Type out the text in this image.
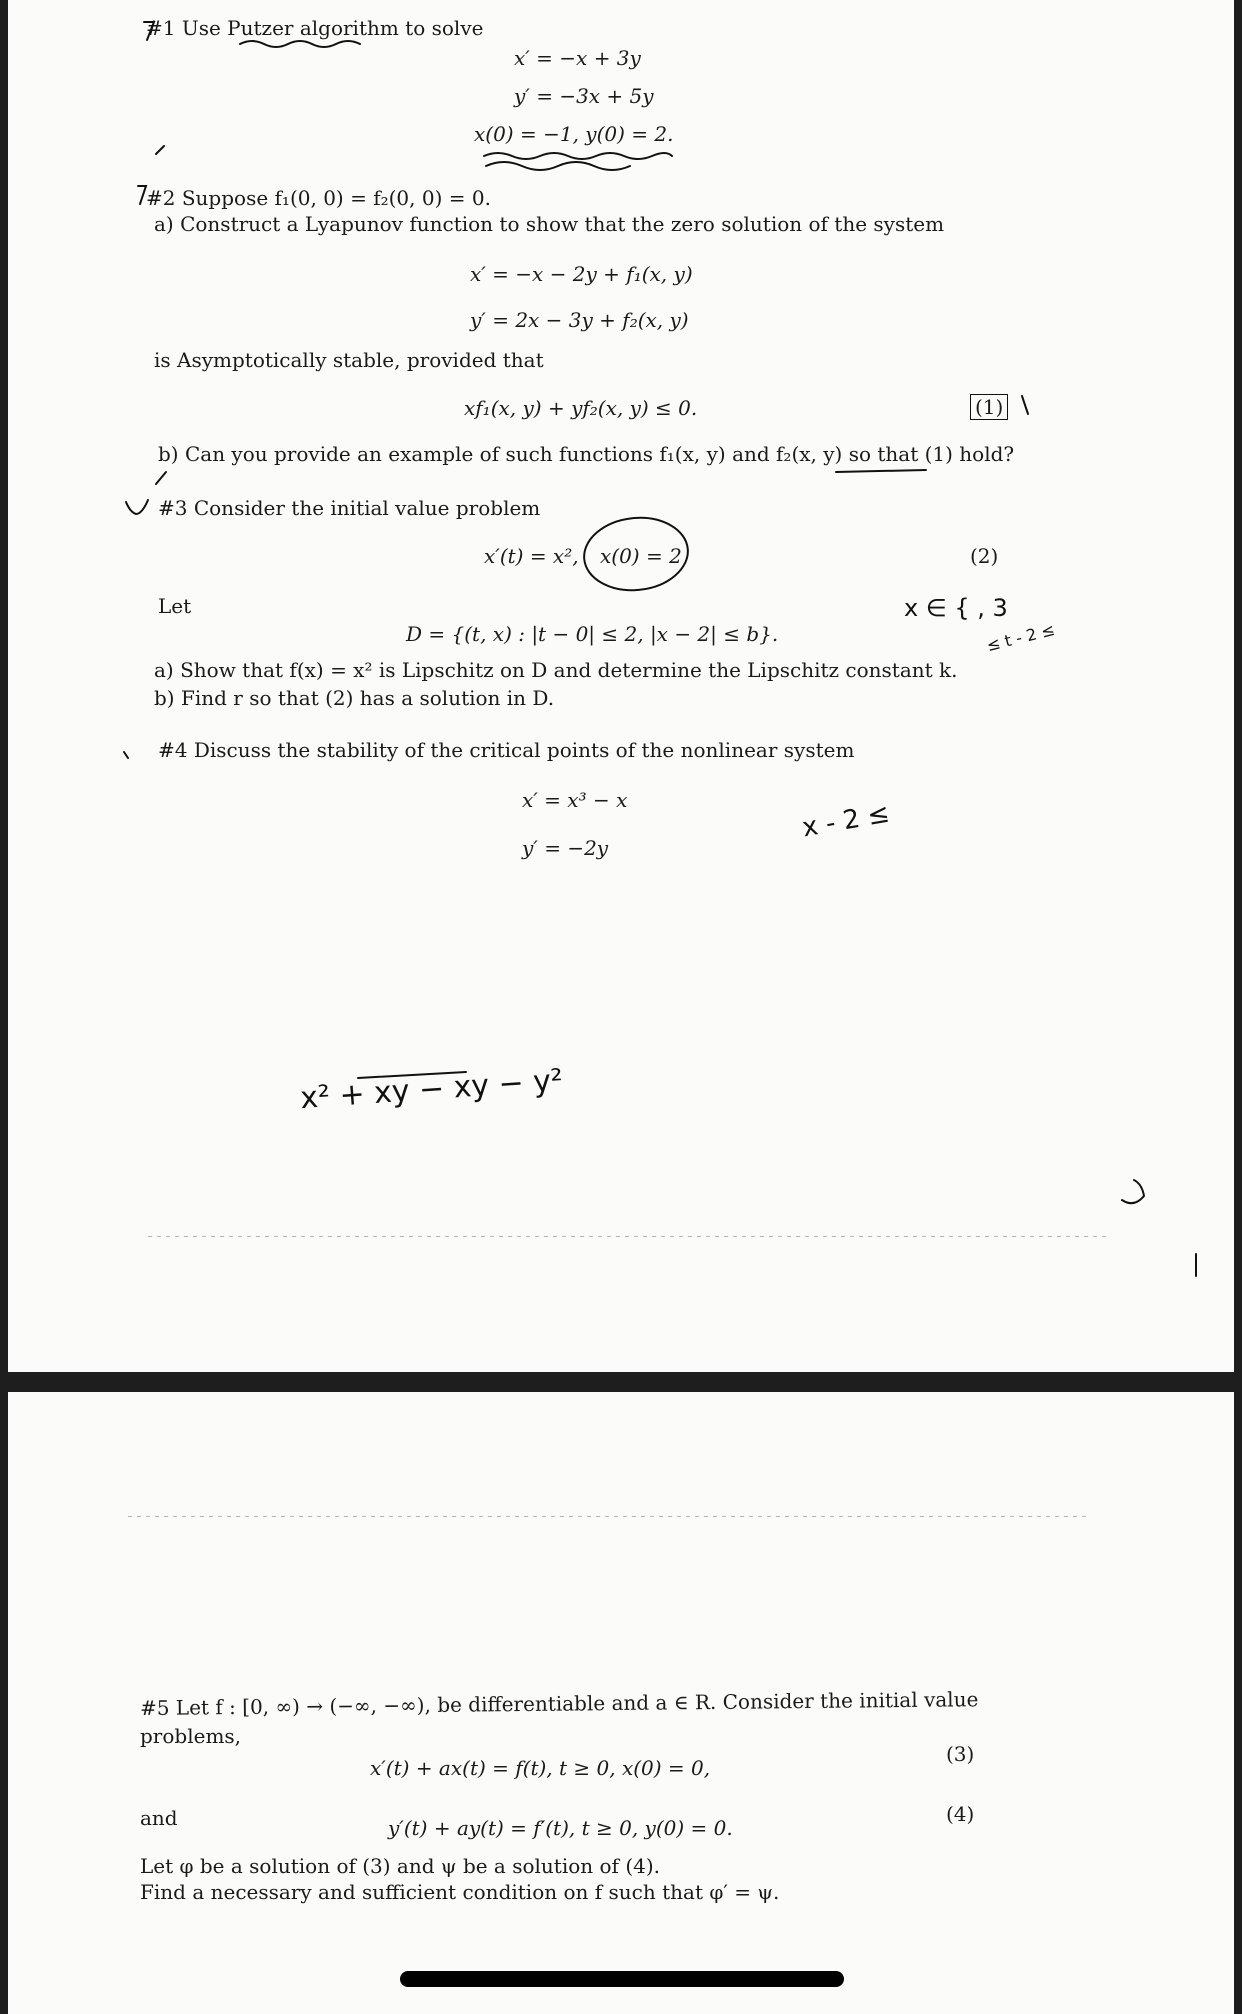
#1 Use Putzer algorithm to solve
x′ = −x + 3y
y′ = −3x + 5y
x(0) = −1, y(0) = 2.
#2 Suppose f₁(0, 0) = f₂(0, 0) = 0.
a) Construct a Lyapunov function to show that the zero solution of the system
x′ = −x − 2y + f₁(x, y)
y′ = 2x − 3y + f₂(x, y)
is Asymptotically stable, provided that
xf₁(x, y) + yf₂(x, y) ≤ 0.	(1)
b) Can you provide an example of such functions f₁(x, y) and f₂(x, y) so that (1) hold?
#3 Consider the initial value problem
x′(t) = x², x(0) = 2	(2)
Let
D = {(t, x) : |t − 0| ≤ 2, |x − 2| ≤ b}.
a) Show that f(x) = x² is Lipschitz on D and determine the Lipschitz constant k.
b) Find r so that (2) has a solution in D.
#4 Discuss the stability of the critical points of the nonlinear system
x′ = x³ − x
y′ = −2y
x ∈ { , 3
≤ t - 2 ≤
x - 2 ≤
x² + xy − xy − y²
#5 Let f : [0, ∞) → (−∞, −∞), be differentiable and a ∈ R. Consider the initial value
problems,
x′(t) + ax(t) = f(t), t ≥ 0, x(0) = 0,
(3)
and	y′(t) + ay(t) = f′(t), t ≥ 0, y(0) = 0.
(4)
Let φ be a solution of (3) and ψ be a solution of (4).
Find a necessary and sufficient condition on f such that φ′ = ψ.
